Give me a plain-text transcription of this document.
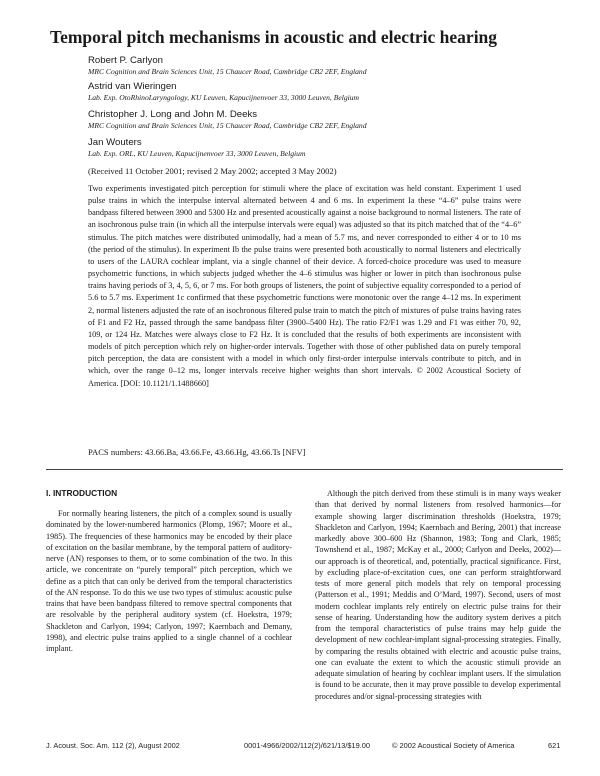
Temporal pitch mechanisms in acoustic and electric hearing
Robert P. Carlyon
MRC Cognition and Brain Sciences Unit, 15 Chaucer Road, Cambridge CB2 2EF, England
Astrid van Wieringen
Lab. Exp. OtoRhinoLaryngology, KU Leuven, Kapucijnenvoer 33, 3000 Leuven, Belgium
Christopher J. Long and John M. Deeks
MRC Cognition and Brain Sciences Unit, 15 Chaucer Road, Cambridge CB2 2EF, England
Jan Wouters
Lab. Exp. ORL, KU Leuven, Kapucijnenvoer 33, 3000 Leuven, Belgium
(Received 11 October 2001; revised 2 May 2002; accepted 3 May 2002)

Two experiments investigated pitch perception for stimuli where the place of excitation was held constant. Experiment 1 used pulse trains in which the interpulse interval alternated between 4 and 6 ms. In experiment Ia these “4–6” pulse trains were bandpass filtered between 3900 and 5300 Hz and presented acoustically against a noise background to normal listeners. The rate of an isochronous pulse train (in which all the interpulse intervals were equal) was adjusted so that its pitch matched that of the “4–6” stimulus. The pitch matches were distributed unimodally, had a mean of 5.7 ms, and never corresponded to either 4 or to 10 ms (the period of the stimulus). In experiment Ib the pulse trains were presented both acoustically to normal listeners and electrically to users of the LAURA cochlear implant, via a single channel of their device. A forced-choice procedure was used to measure psychometric functions, in which subjects judged whether the 4–6 stimulus was higher or lower in pitch than isochronous pulse trains having periods of 3, 4, 5, 6, or 7 ms. For both groups of listeners, the point of subjective equality corresponded to a period of 5.6 to 5.7 ms. Experiment 1c confirmed that these psychometric functions were monotonic over the range 4–12 ms. In experiment 2, normal listeners adjusted the rate of an isochronous filtered pulse train to match the pitch of mixtures of pulse trains having rates of F1 and F2 Hz, passed through the same bandpass filter (3900–5400 Hz). The ratio F2/F1 was 1.29 and F1 was either 70, 92, 109, or 124 Hz. Matches were always close to F2 Hz. It is concluded that the results of both experiments are inconsistent with models of pitch perception which rely on higher-order intervals. Together with those of other published data on purely temporal pitch perception, the data are consistent with a model in which only first-order interpulse intervals contribute to pitch, and in which, over the range 0–12 ms, longer intervals receive higher weights than short intervals. © 2002 Acoustical Society of America. [DOI: 10.1121/1.1488660]

PACS numbers: 43.66.Ba, 43.66.Fe, 43.66.Hg, 43.66.Ts [NFV]

I. INTRODUCTION

For normally hearing listeners, the pitch of a complex sound is usually dominated by the lower-numbered harmonics (Plomp, 1967; Moore et al., 1985). The frequencies of these harmonics may be encoded by their place of excitation on the basilar membrane, by the temporal pattern of auditory-nerve (AN) responses to them, or to some combination of the two. In this article, we concentrate on “purely temporal” pitch perception, which we define as a pitch that can only be derived from the temporal characteristics of the AN response. To do this we use two types of stimulus: acoustic pulse trains that have been bandpass filtered to remove spectral components that are resolvable by the peripheral auditory system (cf. Hoekstra, 1979; Shackleton and Carlyon, 1994; Carlyon, 1997; Kaernbach and Demany, 1998), and electric pulse trains applied to a single channel of a cochlear implant.

Although the pitch derived from these stimuli is in many ways weaker than that derived by normal listeners from resolved harmonics—for example showing larger discrimination thresholds (Hoekstra, 1979; Shackleton and Carlyon, 1994; Kaernbach and Bering, 2001) that increase markedly above 300–600 Hz (Shannon, 1983; Tong and Clark, 1985; Townshend et al., 1987; McKay et al., 2000; Carlyon and Deeks, 2002)—our approach is of theoretical, and, potentially, practical significance. First, by excluding place-of-excitation cues, one can perform straightforward tests of more general pitch models that rely on temporal processing (Patterson et al., 1991; Meddis and O’Mard, 1997). Second, users of most modern cochlear implants rely entirely on electric pulse trains for their sense of hearing. Understanding how the auditory system derives a pitch from the temporal characteristics of pulse trains may help guide the development of new cochlear-implant signal-processing strategies. Finally, by comparing the results obtained with electric and acoustic pulse trains, one can evaluate the extent to which the acoustic stimuli provide an adequate simulation of hearing by cochlear implant users. If the simulation is found to be accurate, then it may prove possible to develop experimental procedures and/or signal-processing strategies with

J. Acoust. Soc. Am. 112 (2), August 2002	0001-4966/2002/112(2)/621/13/$19.00	© 2002 Acoustical Society of America	621
